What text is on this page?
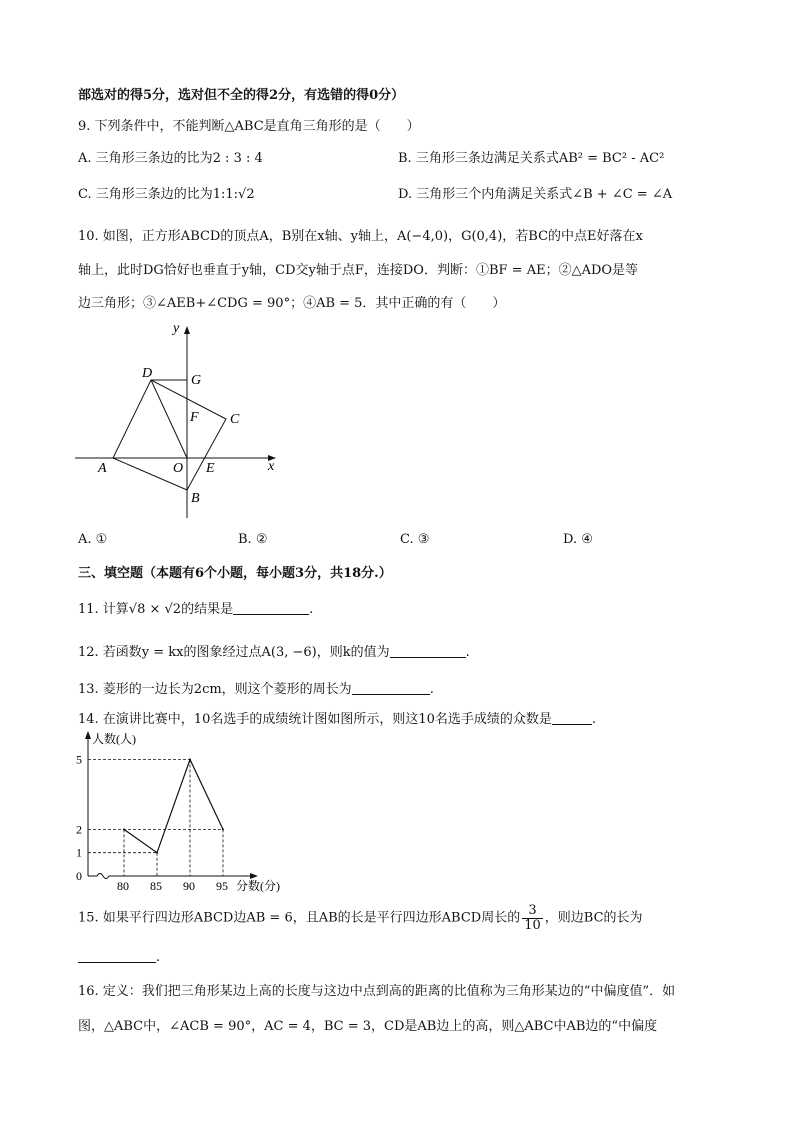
部选对的得5分，选对但不全的得2分，有选错的得0分）
9. 下列条件中，不能判断△ABC是直角三角形的是（　　）
A. 三角形三条边的比为2 : 3 : 4	B. 三角形三条边满足关系式AB² = BC² - AC²
C. 三角形三条边的比为1:1:√2	D. 三角形三个内角满足关系式∠B + ∠C = ∠A
10. 如图，正方形ABCD的顶点A，B别在x轴、y轴上，A(−4,0)，G(0,4)，若BC的中点E好落在x
轴上，此时DG恰好也垂直于y轴，CD交y轴于点F，连接DO．判断：①BF = AE；②△ADO是等
边三角形；③∠AEB+∠CDG = 90°；④AB = 5．其中正确的有（　　）
y
x
D	G
F C
A	O E
B
A. ①	B. ②	C. ③	D. ④
三、填空题（本题有6个小题，每小题3分，共18分.）
11. 计算√8 × √2的结果是	.
12. 若函数y = kx的图象经过点A(3, −6)，则k的值为	.
13. 菱形的一边长为2cm，则这个菱形的周长为	.
14. 在演讲比赛中，10名选手的成绩统计图如图所示，则这10名选手成绩的众数是	.
人数(人)
分数(分)
0
1
2
5
80 85 90 95
15. 如果平行四边形ABCD边AB = 6，且AB的长是平行四边形ABCD周长的 $\frac{3}{10}$ ，则边BC的长为
.
16. 定义：我们把三角形某边上高的长度与这边中点到高的距离的比值称为三角形某边的“中偏度值”．如
图，△ABC中，∠ACB = 90°，AC = 4，BC = 3，CD是AB边上的高，则△ABC中AB边的“中偏度
